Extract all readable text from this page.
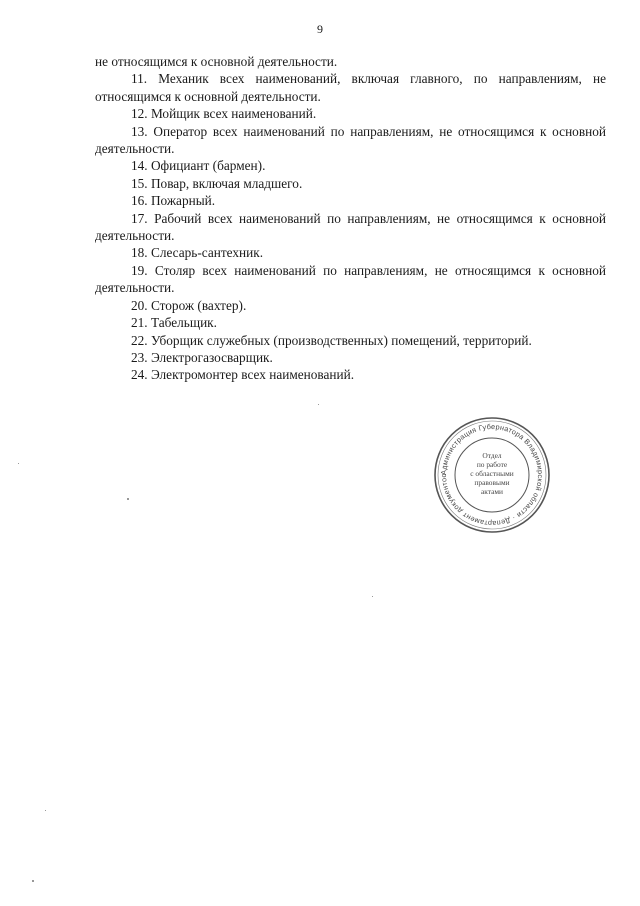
9

не относящимся к основной деятельности.

11. Механик всех наименований, включая главного, по направлениям, не относящимся к основной деятельности.

12. Мойщик всех наименований.

13. Оператор всех наименований по направлениям, не относящимся к основной деятельности.

14. Официант (бармен).

15. Повар, включая младшего.

16. Пожарный.

17. Рабочий всех наименований по направлениям, не относящимся к основной деятельности.

18. Слесарь-сантехник.

19. Столяр всех наименований по направлениям, не относящимся к основной деятельности.

20. Сторож (вахтер).

21. Табельщик.

22. Уборщик служебных (производственных) помещений, территорий.

23. Электрогазосварщик.

24. Электромонтер всех наименований.

Администрация Губернатора Владимирской области · Департамент документоо
Отдел
по работе
с областными
правовыми
актами
